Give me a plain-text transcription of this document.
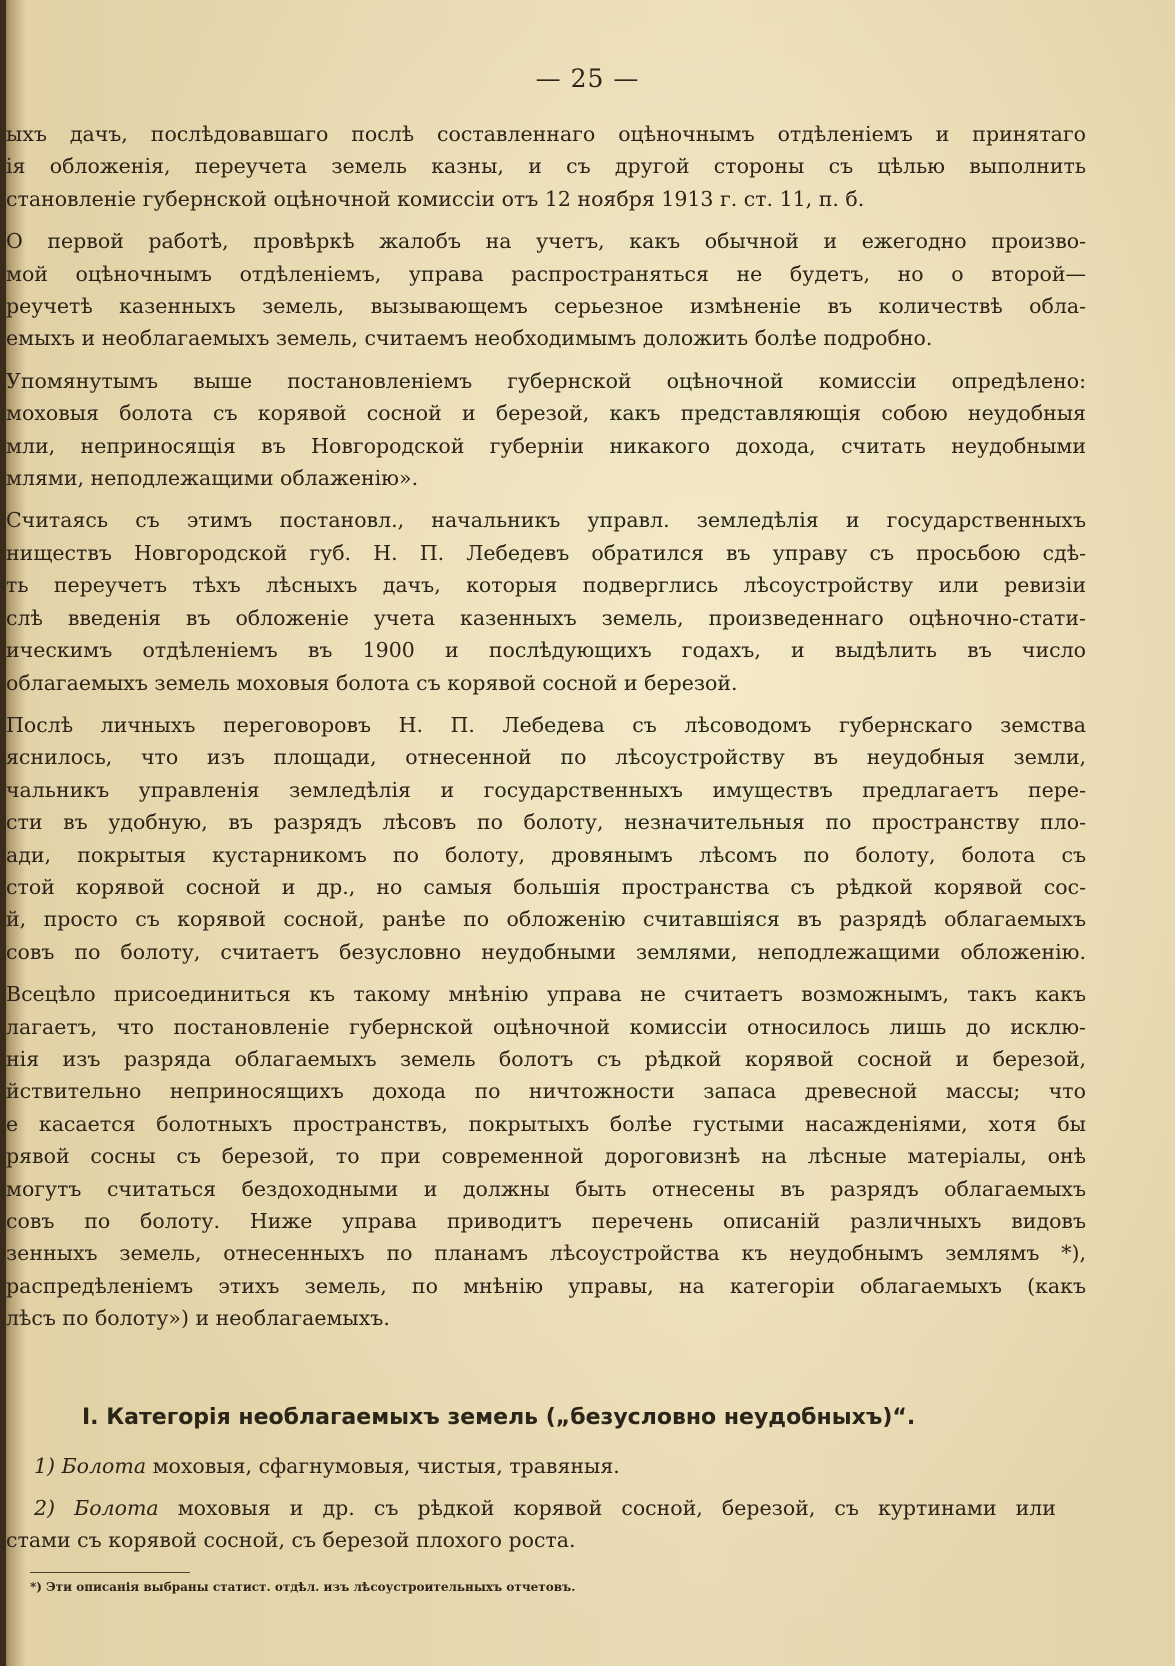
— 25 —
ыхъ дачъ, послѣдовавшаго послѣ составленнаго оцѣночнымъ отдѣленіемъ и принятаго
ія обложенія, переучета земель казны, и съ другой стороны съ цѣлью выполнить
становленіе губернской оцѣночной комиссіи отъ 12 ноября 1913 г. ст. 11, п. б.
О первой работѣ, провѣркѣ жалобъ на учетъ, какъ обычной и ежегодно произво-
мой оцѣночнымъ отдѣленіемъ, управа распространяться не будетъ, но о второй—
реучетѣ казенныхъ земель, вызывающемъ серьезное измѣненіе въ количествѣ обла-
емыхъ и необлагаемыхъ земель, считаемъ необходимымъ доложить болѣе подробно.
Упомянутымъ выше постановленіемъ губернской оцѣночной комиссіи опредѣлено:
моховыя болота съ корявой сосной и березой, какъ представляющія собою неудобныя
мли, неприносящія въ Новгородской губерніи никакого дохода, считать неудобными
млями, неподлежащими облаженію».
Считаясь съ этимъ постановл., начальникъ управл. земледѣлія и государственныхъ
ниществъ Новгородской губ. Н. П. Лебедевъ обратился въ управу съ просьбою сдѣ-
ть переучетъ тѣхъ лѣсныхъ дачъ, которыя подверглись лѣсоустройству или ревизіи
слѣ введенія въ обложеніе учета казенныхъ земель, произведеннаго оцѣночно-стати-
ическимъ отдѣленіемъ въ 1900 и послѣдующихъ годахъ, и выдѣлить въ число
облагаемыхъ земель моховыя болота съ корявой сосной и березой.
Послѣ личныхъ переговоровъ Н. П. Лебедева съ лѣсоводомъ губернскаго земства
яснилось, что изъ площади, отнесенной по лѣсоустройству въ неудобныя земли,
чальникъ управленія земледѣлія и государственныхъ имуществъ предлагаетъ пере-
сти въ удобную, въ разрядъ лѣсовъ по болоту, незначительныя по пространству пло-
ади, покрытыя кустарникомъ по болоту, дровянымъ лѣсомъ по болоту, болота съ
стой корявой сосной и др., но самыя большія пространства съ рѣдкой корявой сос-
й, просто съ корявой сосной, ранѣе по обложенію считавшіяся въ разрядѣ облагаемыхъ
совъ по болоту, считаетъ безусловно неудобными землями, неподлежащими обложенію.
Всецѣло присоединиться къ такому мнѣнію управа не считаетъ возможнымъ, такъ какъ
лагаетъ, что постановленіе губернской оцѣночной комиссіи относилось лишь до исклю-
нія изъ разряда облагаемыхъ земель болотъ съ рѣдкой корявой сосной и березой,
йствительно неприносящихъ дохода по ничтожности запаса древесной массы; что
е касается болотныхъ пространствъ, покрытыхъ болѣе густыми насажденіями, хотя бы
рявой сосны съ березой, то при современной дороговизнѣ на лѣсные матеріалы, онѣ
могутъ считаться бездоходными и должны быть отнесены въ разрядъ облагаемыхъ
совъ по болоту. Ниже управа приводитъ перечень описаній различныхъ видовъ
зенныхъ земель, отнесенныхъ по планамъ лѣсоустройства къ неудобнымъ землямъ *),
распредѣленіемъ этихъ земель, по мнѣнію управы, на категоріи облагаемыхъ (какъ
лѣсъ по болоту») и необлагаемыхъ.
I. Категорія необлагаемыхъ земель („безусловно неудобныхъ)“.
1) Болота моховыя, сфагнумовыя, чистыя, травяныя.
2) Болота моховыя и др. съ рѣдкой корявой сосной, березой, съ куртинами или
стами съ корявой сосной, съ березой плохого роста.
*) Эти описанія выбраны статист. отдѣл. изъ лѣсоустроительныхъ отчетовъ.
